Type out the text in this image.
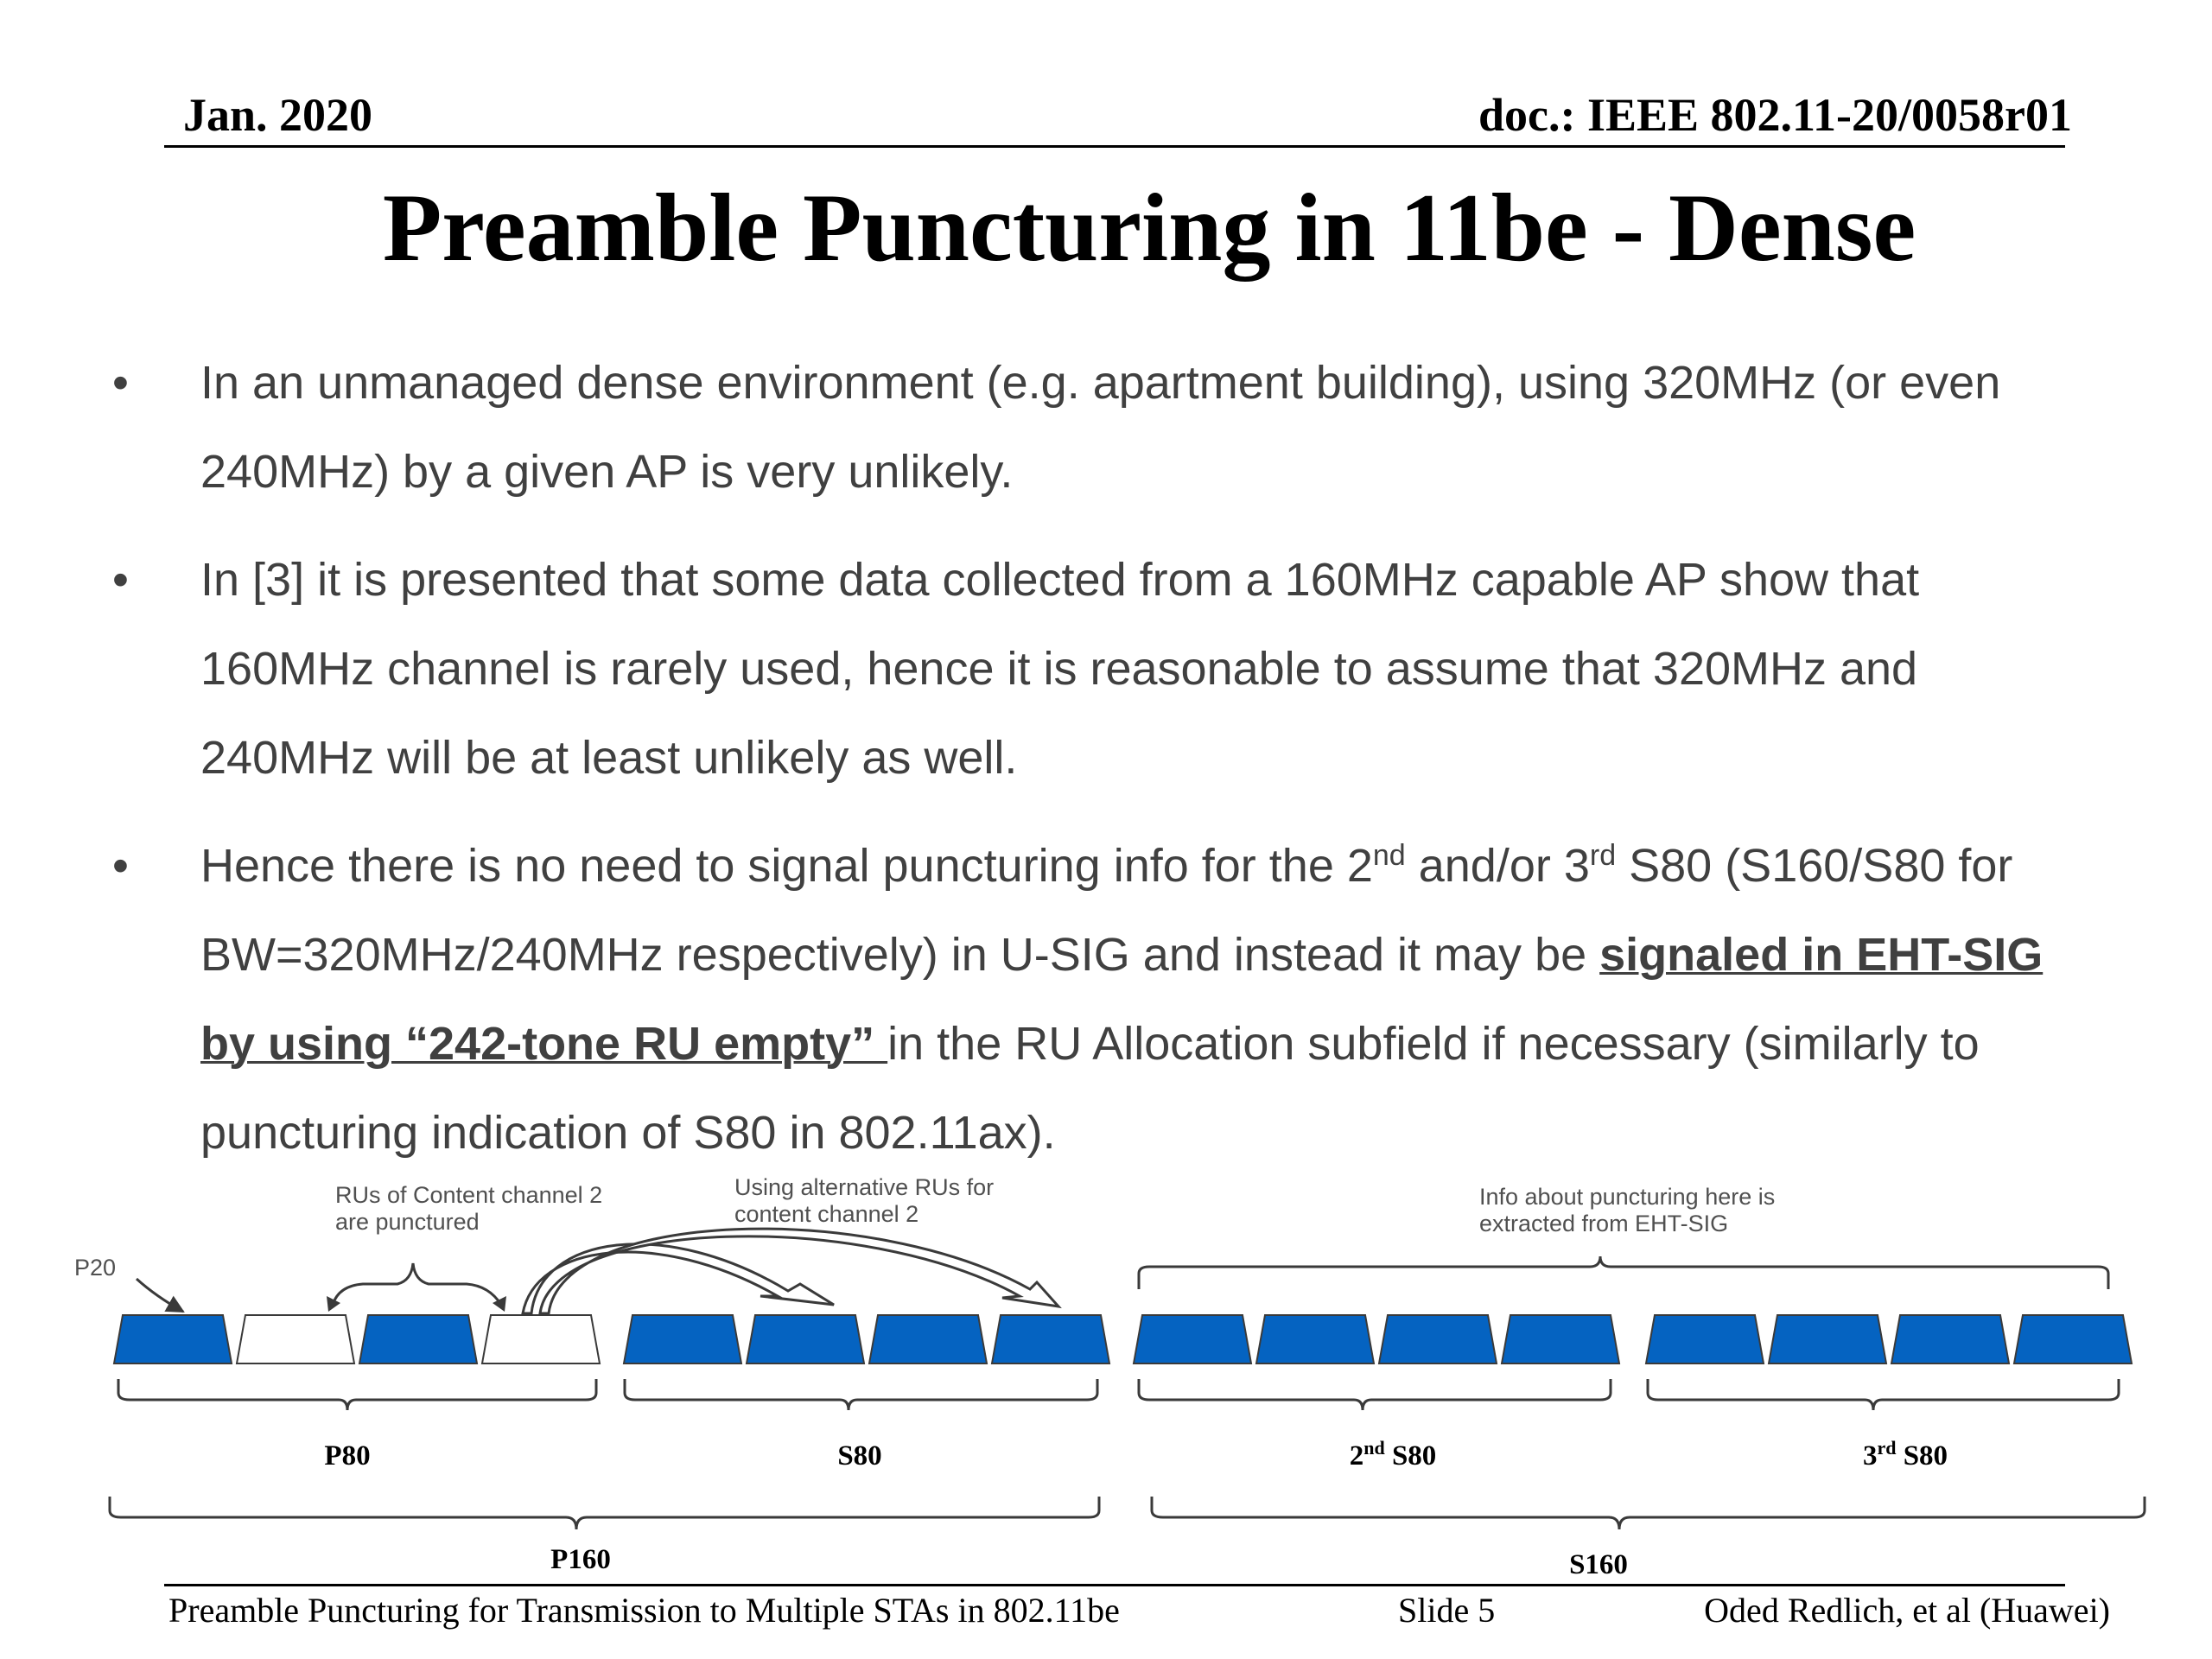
Jan. 2020	doc.: IEEE 802.11-20/0058r01
Preamble Puncturing in 11be - Dense
• In an unmanaged dense environment (e.g. apartment building), using 320MHz (or even 240MHz) by a given AP is very unlikely.
• In [3] it is presented that some data collected from a 160MHz capable AP show that 160MHz channel is rarely used, hence it is reasonable to assume that 320MHz and 240MHz will be at least unlikely as well.
• Hence there is no need to signal puncturing info for the 2nd and/or 3rd S80 (S160/S80 for BW=320MHz/240MHz respectively) in U-SIG and instead it may be signaled in EHT-SIG by using “242-tone RU empty” in the RU Allocation subfield if necessary (similarly to puncturing indication of S80 in 802.11ax).
P20
RUs of Content channel 2
are punctured
Using alternative RUs for
content channel 2
Info about puncturing here is
extracted from EHT-SIG
P80	S80	2nd S80	3rd S80
P160	S160
Preamble Puncturing for Transmission to Multiple STAs in 802.11be	Slide 5	Oded Redlich, et al (Huawei)
